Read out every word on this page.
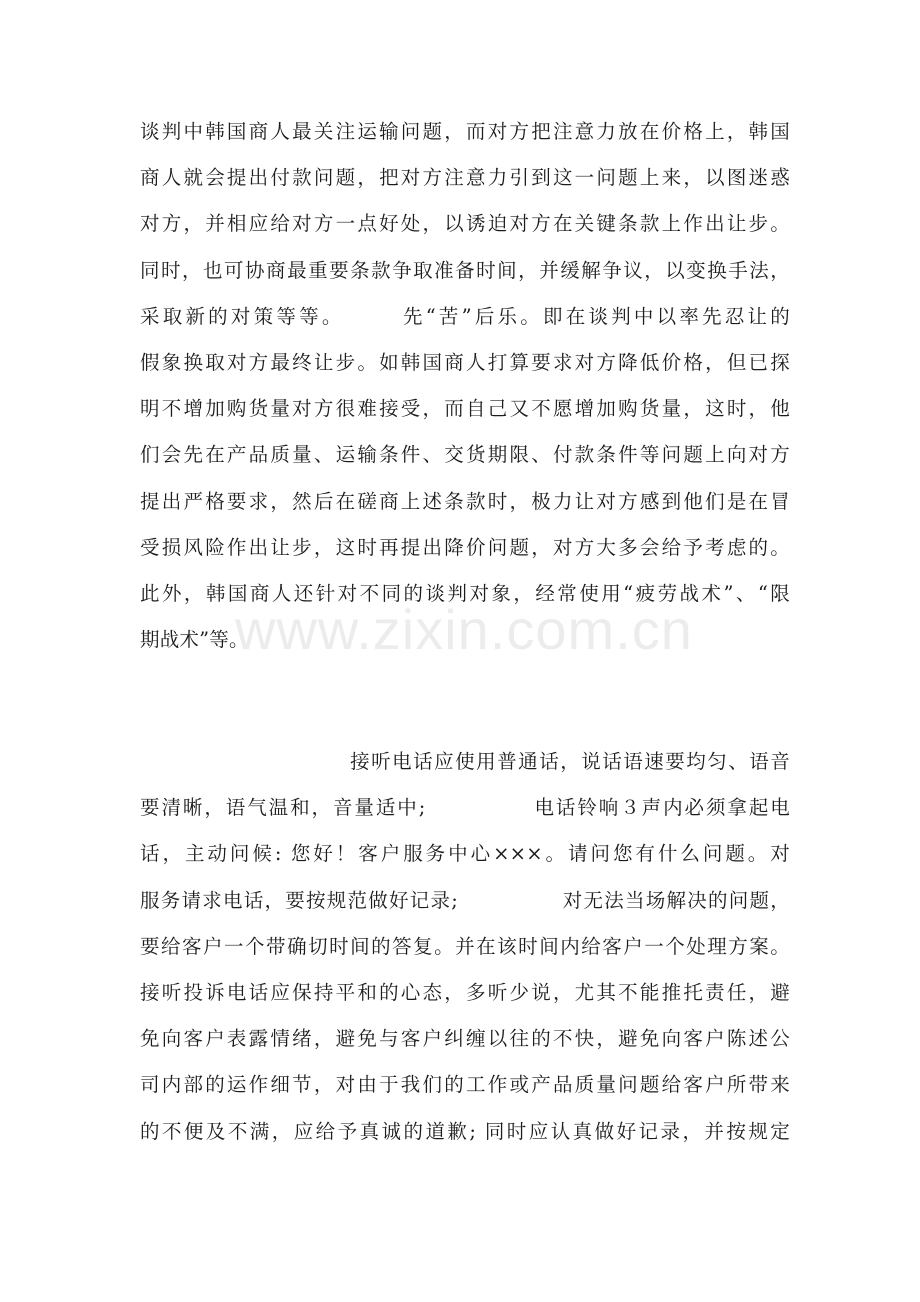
www.zixin.com.cn
谈判中韩国商人最关注运输问题，而对方把注意力放在价格上，韩国
商人就会提出付款问题，把对方注意力引到这一问题上来，以图迷惑
对方，并相应给对方一点好处，以诱迫对方在关键条款上作出让步。
同时，也可协商最重要条款争取准备时间，并缓解争议，以变换手法，
采取新的对策等等。　　　先“苦”后乐。即在谈判中以率先忍让的
假象换取对方最终让步。如韩国商人打算要求对方降低价格，但已探
明不增加购货量对方很难接受，而自己又不愿增加购货量，这时，他
们会先在产品质量、运输条件、交货期限、付款条件等问题上向对方
提出严格要求，然后在磋商上述条款时，极力让对方感到他们是在冒
受损风险作出让步，这时再提出降价问题，对方大多会给予考虑的。
此外，韩国商人还针对不同的谈判对象，经常使用“疲劳战术”、“限
期战术”等。
　　　　　　　　　　接听电话应使用普通话，说话语速要均匀、语音
要清晰，语气温和，音量适中;　　　　　电话铃响３声内必须拿起电
话，主动问候: 您好！客户服务中心×××。请问您有什么问题。对
服务请求电话，要按规范做好记录;　　　　　对无法当场解决的问题，
要给客户一个带确切时间的答复。并在该时间内给客户一个处理方案。
接听投诉电话应保持平和的心态，多听少说，尤其不能推托责任，避
免向客户表露情绪，避免与客户纠缠以往的不快，避免向客户陈述公
司内部的运作细节，对由于我们的工作或产品质量问题给客户所带来
的不便及不满，应给予真诚的道歉; 同时应认真做好记录，并按规定
